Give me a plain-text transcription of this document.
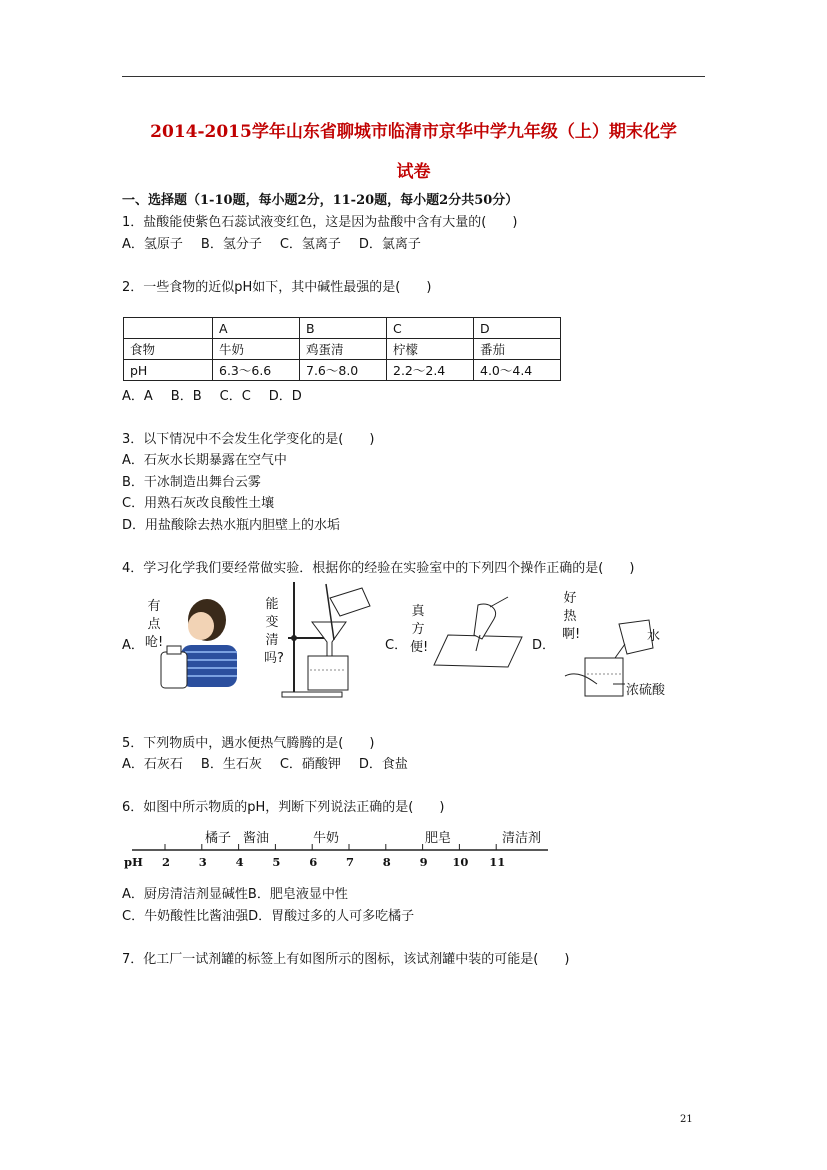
2014-2015学年山东省聊城市临清市京华中学九年级（上）期末化学
试卷
一、选择题（1-10题，每小题2分，11-20题，每小题2分共50分）
1．盐酸能使紫色石蕊试液变红色，这是因为盐酸中含有大量的(　　)
A．氢原子 B．氢分子 C．氢离子 D．氯离子
2．一些食物的近似pH如下，其中碱性最强的是(　　)
	A	B	C	D
食物	牛奶	鸡蛋清	柠檬	番茄
pH	6.3～6.6	7.6～8.0	2.2～2.4	4.0～4.4
A．A B．B C．C D．D
3．以下情况中不会发生化学变化的是(　　)
A．石灰水长期暴露在空气中
B．干冰制造出舞台云雾
C．用熟石灰改良酸性土壤
D．用盐酸除去热水瓶内胆壁上的水垢
4．学习化学我们要经常做实验．根据你的经验在实验室中的下列四个操作正确的是(　　)
A．
有点呛!
能变清吗?
C．
真方便!	D．
好热啊!	水
浓硫酸
5．下列物质中，遇水便热气腾腾的是(　　)
A．石灰石 B．生石灰 C．硝酸钾 D．食盐
6．如图中所示物质的pH，判断下列说法正确的是(　　)
橘子 酱油	牛奶	肥皂	清洁剂
pH 2	3	4	5	6	7	8	9 10 11
A．厨房清洁剂显碱性B．肥皂液显中性
C．牛奶酸性比酱油强D．胃酸过多的人可多吃橘子
7．化工厂一试剂罐的标签上有如图所示的图标，该试剂罐中装的可能是(　　)
21
